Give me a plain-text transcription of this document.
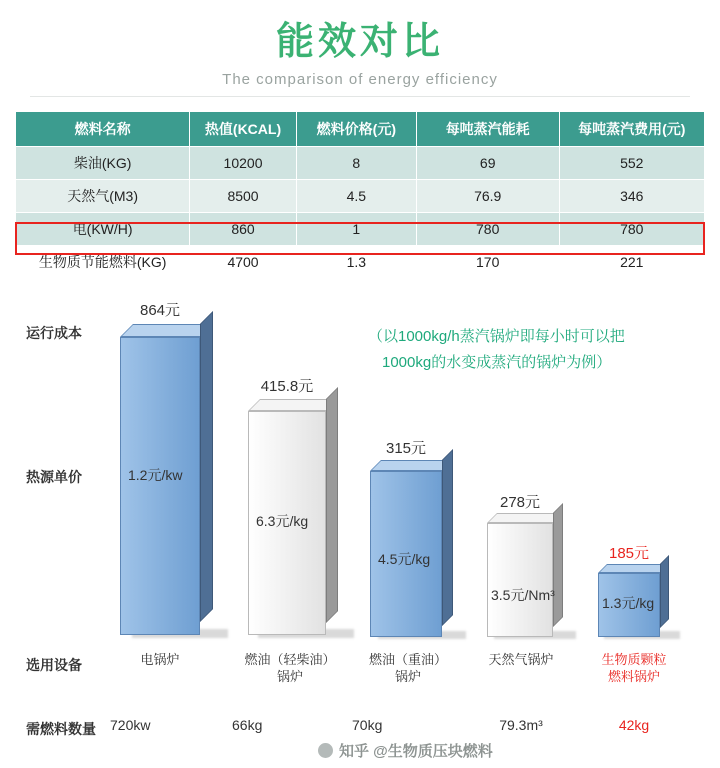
能效对比
The comparison of energy efficiency
燃料名称	热值(KCAL)	燃料价格(元)	每吨蒸汽能耗	每吨蒸汽费用(元)
柴油(KG)	10200	8	69	552
天然气(M3)	8500	4.5	76.9	346
电(KW/H)	860	1	780	780
生物质节能燃料(KG)	4700	1.3	170	221
运行成本
热源单价
选用设备
需燃料数量
（以1000kg/h蒸汽锅炉即每小时可以把
1000kg的水变成蒸汽的锅炉为例）
864元
1.2元/kw
415.8元
6.3元/kg
315元
4.5元/kg
278元
3.5元/Nm³
185元
1.3元/kg
电锅炉	燃油（轻柴油）
锅炉
燃油（重油）
锅炉
天然气锅炉	生物质颗粒
燃料锅炉
720kw	66kg	70kg	79.3m³	42kg
知乎 @生物质压块燃料
